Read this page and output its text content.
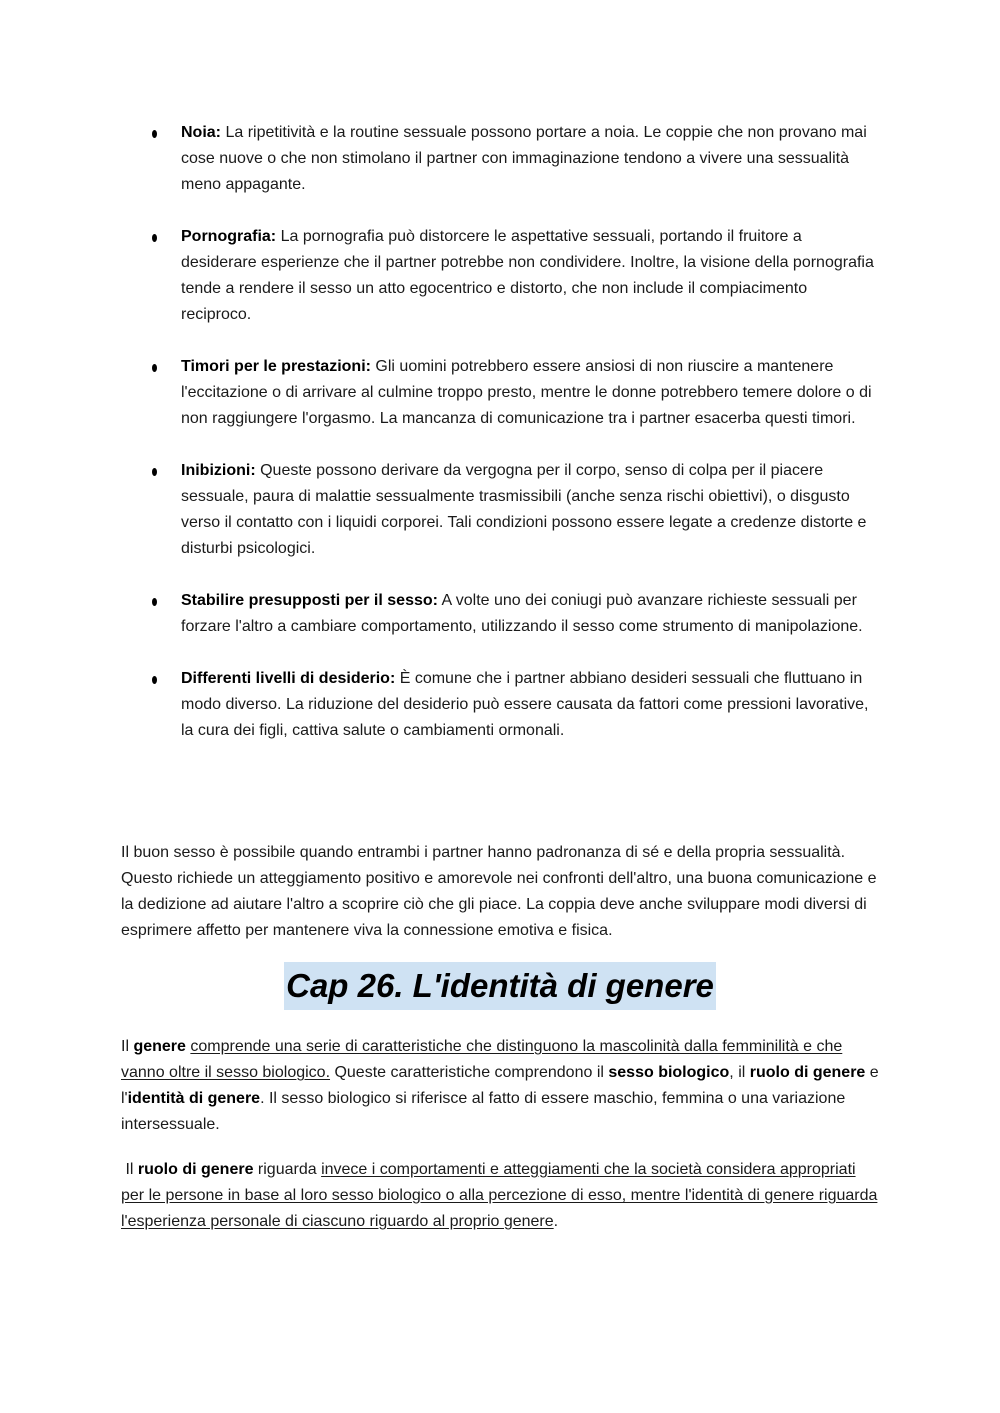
Noia: La ripetitività e la routine sessuale possono portare a noia. Le coppie che non provano mai cose nuove o che non stimolano il partner con immaginazione tendono a vivere una sessualità meno appagante.
Pornografia: La pornografia può distorcere le aspettative sessuali, portando il fruitore a desiderare esperienze che il partner potrebbe non condividere. Inoltre, la visione della pornografia tende a rendere il sesso un atto egocentrico e distorto, che non include il compiacimento reciproco.
Timori per le prestazioni: Gli uomini potrebbero essere ansiosi di non riuscire a mantenere l'eccitazione o di arrivare al culmine troppo presto, mentre le donne potrebbero temere dolore o di non raggiungere l'orgasmo. La mancanza di comunicazione tra i partner esacerba questi timori.
Inibizioni: Queste possono derivare da vergogna per il corpo, senso di colpa per il piacere sessuale, paura di malattie sessualmente trasmissibili (anche senza rischi obiettivi), o disgusto verso il contatto con i liquidi corporei. Tali condizioni possono essere legate a credenze distorte e disturbi psicologici.
Stabilire presupposti per il sesso: A volte uno dei coniugi può avanzare richieste sessuali per forzare l'altro a cambiare comportamento, utilizzando il sesso come strumento di manipolazione.
Differenti livelli di desiderio: È comune che i partner abbiano desideri sessuali che fluttuano in modo diverso. La riduzione del desiderio può essere causata da fattori come pressioni lavorative, la cura dei figli, cattiva salute o cambiamenti ormonali.

Il buon sesso è possibile quando entrambi i partner hanno padronanza di sé e della propria sessualità. Questo richiede un atteggiamento positivo e amorevole nei confronti dell'altro, una buona comunicazione e la dedizione ad aiutare l'altro a scoprire ciò che gli piace. La coppia deve anche sviluppare modi diversi di esprimere affetto per mantenere viva la connessione emotiva e fisica.

Cap 26. L'identità di genere

Il genere comprende una serie di caratteristiche che distinguono la mascolinità dalla femminilità e che vanno oltre il sesso biologico. Queste caratteristiche comprendono il sesso biologico, il ruolo di genere e l'identità di genere. Il sesso biologico si riferisce al fatto di essere maschio, femmina o una variazione intersessuale.

Il ruolo di genere riguarda invece i comportamenti e atteggiamenti che la società considera appropriati per le persone in base al loro sesso biologico o alla percezione di esso, mentre l'identità di genere riguarda l'esperienza personale di ciascuno riguardo al proprio genere.
